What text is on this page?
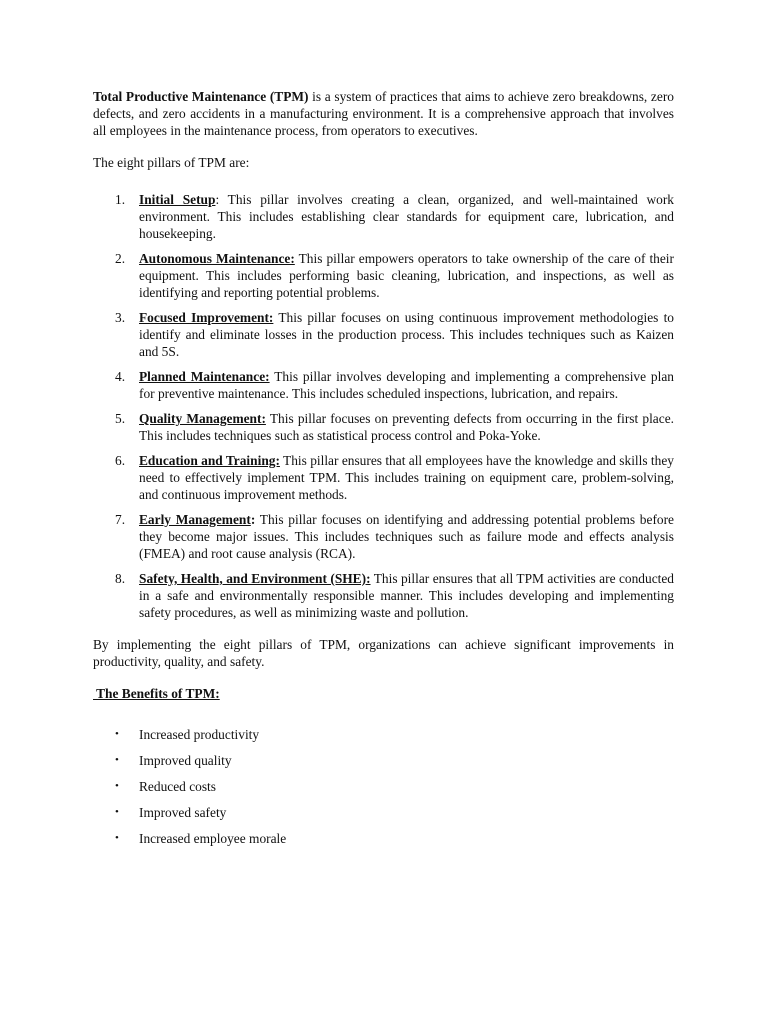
Total Productive Maintenance (TPM) is a system of practices that aims to achieve zero breakdowns, zero defects, and zero accidents in a manufacturing environment. It is a comprehensive approach that involves all employees in the maintenance process, from operators to executives.

The eight pillars of TPM are:

1. Initial Setup: This pillar involves creating a clean, organized, and well-maintained work environment. This includes establishing clear standards for equipment care, lubrication, and housekeeping.
2. Autonomous Maintenance: This pillar empowers operators to take ownership of the care of their equipment. This includes performing basic cleaning, lubrication, and inspections, as well as identifying and reporting potential problems.
3. Focused Improvement: This pillar focuses on using continuous improvement methodologies to identify and eliminate losses in the production process. This includes techniques such as Kaizen and 5S.
4. Planned Maintenance: This pillar involves developing and implementing a comprehensive plan for preventive maintenance. This includes scheduled inspections, lubrication, and repairs.
5. Quality Management: This pillar focuses on preventing defects from occurring in the first place. This includes techniques such as statistical process control and Poka-Yoke.
6. Education and Training: This pillar ensures that all employees have the knowledge and skills they need to effectively implement TPM. This includes training on equipment care, problem-solving, and continuous improvement methods.
7. Early Management: This pillar focuses on identifying and addressing potential problems before they become major issues. This includes techniques such as failure mode and effects analysis (FMEA) and root cause analysis (RCA).
8. Safety, Health, and Environment (SHE): This pillar ensures that all TPM activities are conducted in a safe and environmentally responsible manner. This includes developing and implementing safety procedures, as well as minimizing waste and pollution.

By implementing the eight pillars of TPM, organizations can achieve significant improvements in productivity, quality, and safety.

The Benefits of TPM:
• Increased productivity
• Improved quality
• Reduced costs
• Improved safety
• Increased employee morale
